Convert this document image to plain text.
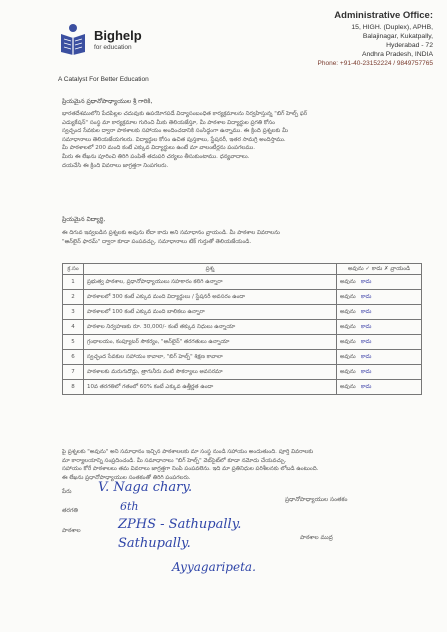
Bighelp
for education
A Catalyst For Better Education
Administrative Office:
15, HIGH. (Duplex), APHB,
Balajinagar, Kukatpally,
Hyderabad - 72
Andhra Pradesh, INDIA
Phone: +91-40-23152224 / 9849757765
ప్రియమైన ప్రధానోపాధ్యాయుల శ్రీ గారికి,
భారతదేశములోని పేదపిల్లల చదువుకు ఉపయోగపడే విద్యాసంబంధిత కార్యక్రమాలను నిర్వహిస్తున్న "బిగ్ హెల్ప్ ఫర్
ఎడ్యుకేషన్" సంస్థ మా కార్యక్రమాల గురించి మీకు తెలియజేస్తూ, మీ పాఠశాల విద్యార్థుల ప్రగతి కోసం
స్వచ్ఛంద సేవకుల ద్వారా పాఠశాలకు సహాయం అందించడానికి సంసిద్ధంగా ఉన్నాము. ఈ క్రింది ప్రశ్నలకు మీ
సమాధానాలు తెలియజేయగలరు. విద్యార్థుల కోసం ఉచిత పుస్తకాలు, స్టేషనరీ, ఇతర సామగ్రి అందిస్తాము.
మీ పాఠశాలలో 200 మంది కంటే ఎక్కువ విద్యార్థులు ఉంటే మా వాలంటీర్లను పంపగలము.
మీరు ఈ లేఖను పూరించి తిరిగి పంపితే తదుపరి చర్యలు తీసుకుంటాము. ధన్యవాదాలు.
దయచేసి ఈ క్రింది వివరాలు జాగ్రత్తగా నింపగలరు.
ప్రియమైన విద్యార్థి,
ఈ దిగువ ఇవ్వబడిన ప్రశ్నలకు అవును లేదా కాదు అని సమాధానం వ్రాయండి. మీ పాఠశాల వివరాలను
"ఆన్‌లైన్ ఫారమ్" ద్వారా కూడా పంపవచ్చు. సమాధానాలు టిక్ గుర్తుతో తెలియజేయండి.
క్ర.సం	ప్రశ్న	అవును ✓ కాదు ✗ వ్రాయండి
1	ప్రభుత్వ పాఠశాల, ప్రధానోపాధ్యాయులు సహకారం కలిగి ఉన్నారా	అవును కాదు
2	పాఠశాలలో 300 కంటే ఎక్కువ మంది విద్యార్థులు / స్టేషనరీ అవసరం ఉందా	అవును కాదు
3	పాఠశాలలో 100 కంటే ఎక్కువ మంది బాలికలు ఉన్నారా	అవును కాదు
4	పాఠశాల నిర్వహణకు రూ. 30,000/- కంటే తక్కువ నిధులు ఉన్నాయా	అవును కాదు
5	గ్రంథాలయం, కంప్యూటర్ సౌకర్యం, "ఆన్‌లైన్" తరగతులు ఉన్నాయా	అవును కాదు
6	స్వచ్ఛంద సేవకుల సహాయం కావాలా, "బిగ్ హెల్ప్" శిక్షణ కావాలా	అవును కాదు
7	పాఠశాలకు మరుగుదొడ్లు, త్రాగునీరు వంటి సౌకర్యాలు అవసరమా	అవును కాదు
8	10వ తరగతిలో గతంలో 60% కంటే ఎక్కువ ఉత్తీర్ణత ఉందా	అవును కాదు
పై ప్రశ్నలకు "అవును" అని సమాధానం ఇచ్చిన పాఠశాలలకు మా సంస్థ నుండి సహాయం అందుతుంది. పూర్తి వివరాలకు
మా కార్యాలయాన్ని సంప్రదించండి. మీ సమాధానాలు "బిగ్ హెల్ప్" వెబ్‌సైట్‌లో కూడా నమోదు చేయవచ్చు.
సహాయం కోరే పాఠశాలలు తమ వివరాలు జాగ్రత్తగా నింపి పంపవలెను. ఇది మా ప్రతినిధుల పరిశీలనకు లోబడి ఉంటుంది.
ఈ లేఖను ప్రధానోపాధ్యాయుల సంతకంతో తిరిగి పంపగలరు.
పేరు V. Naga chary.
తరగతి	6th
పాఠశాల	ZPHS - Sathupally.
Sathupally.
Ayyagaripeta.
ప్రధానోపాధ్యాయుల సంతకం
పాఠశాల ముద్ర
